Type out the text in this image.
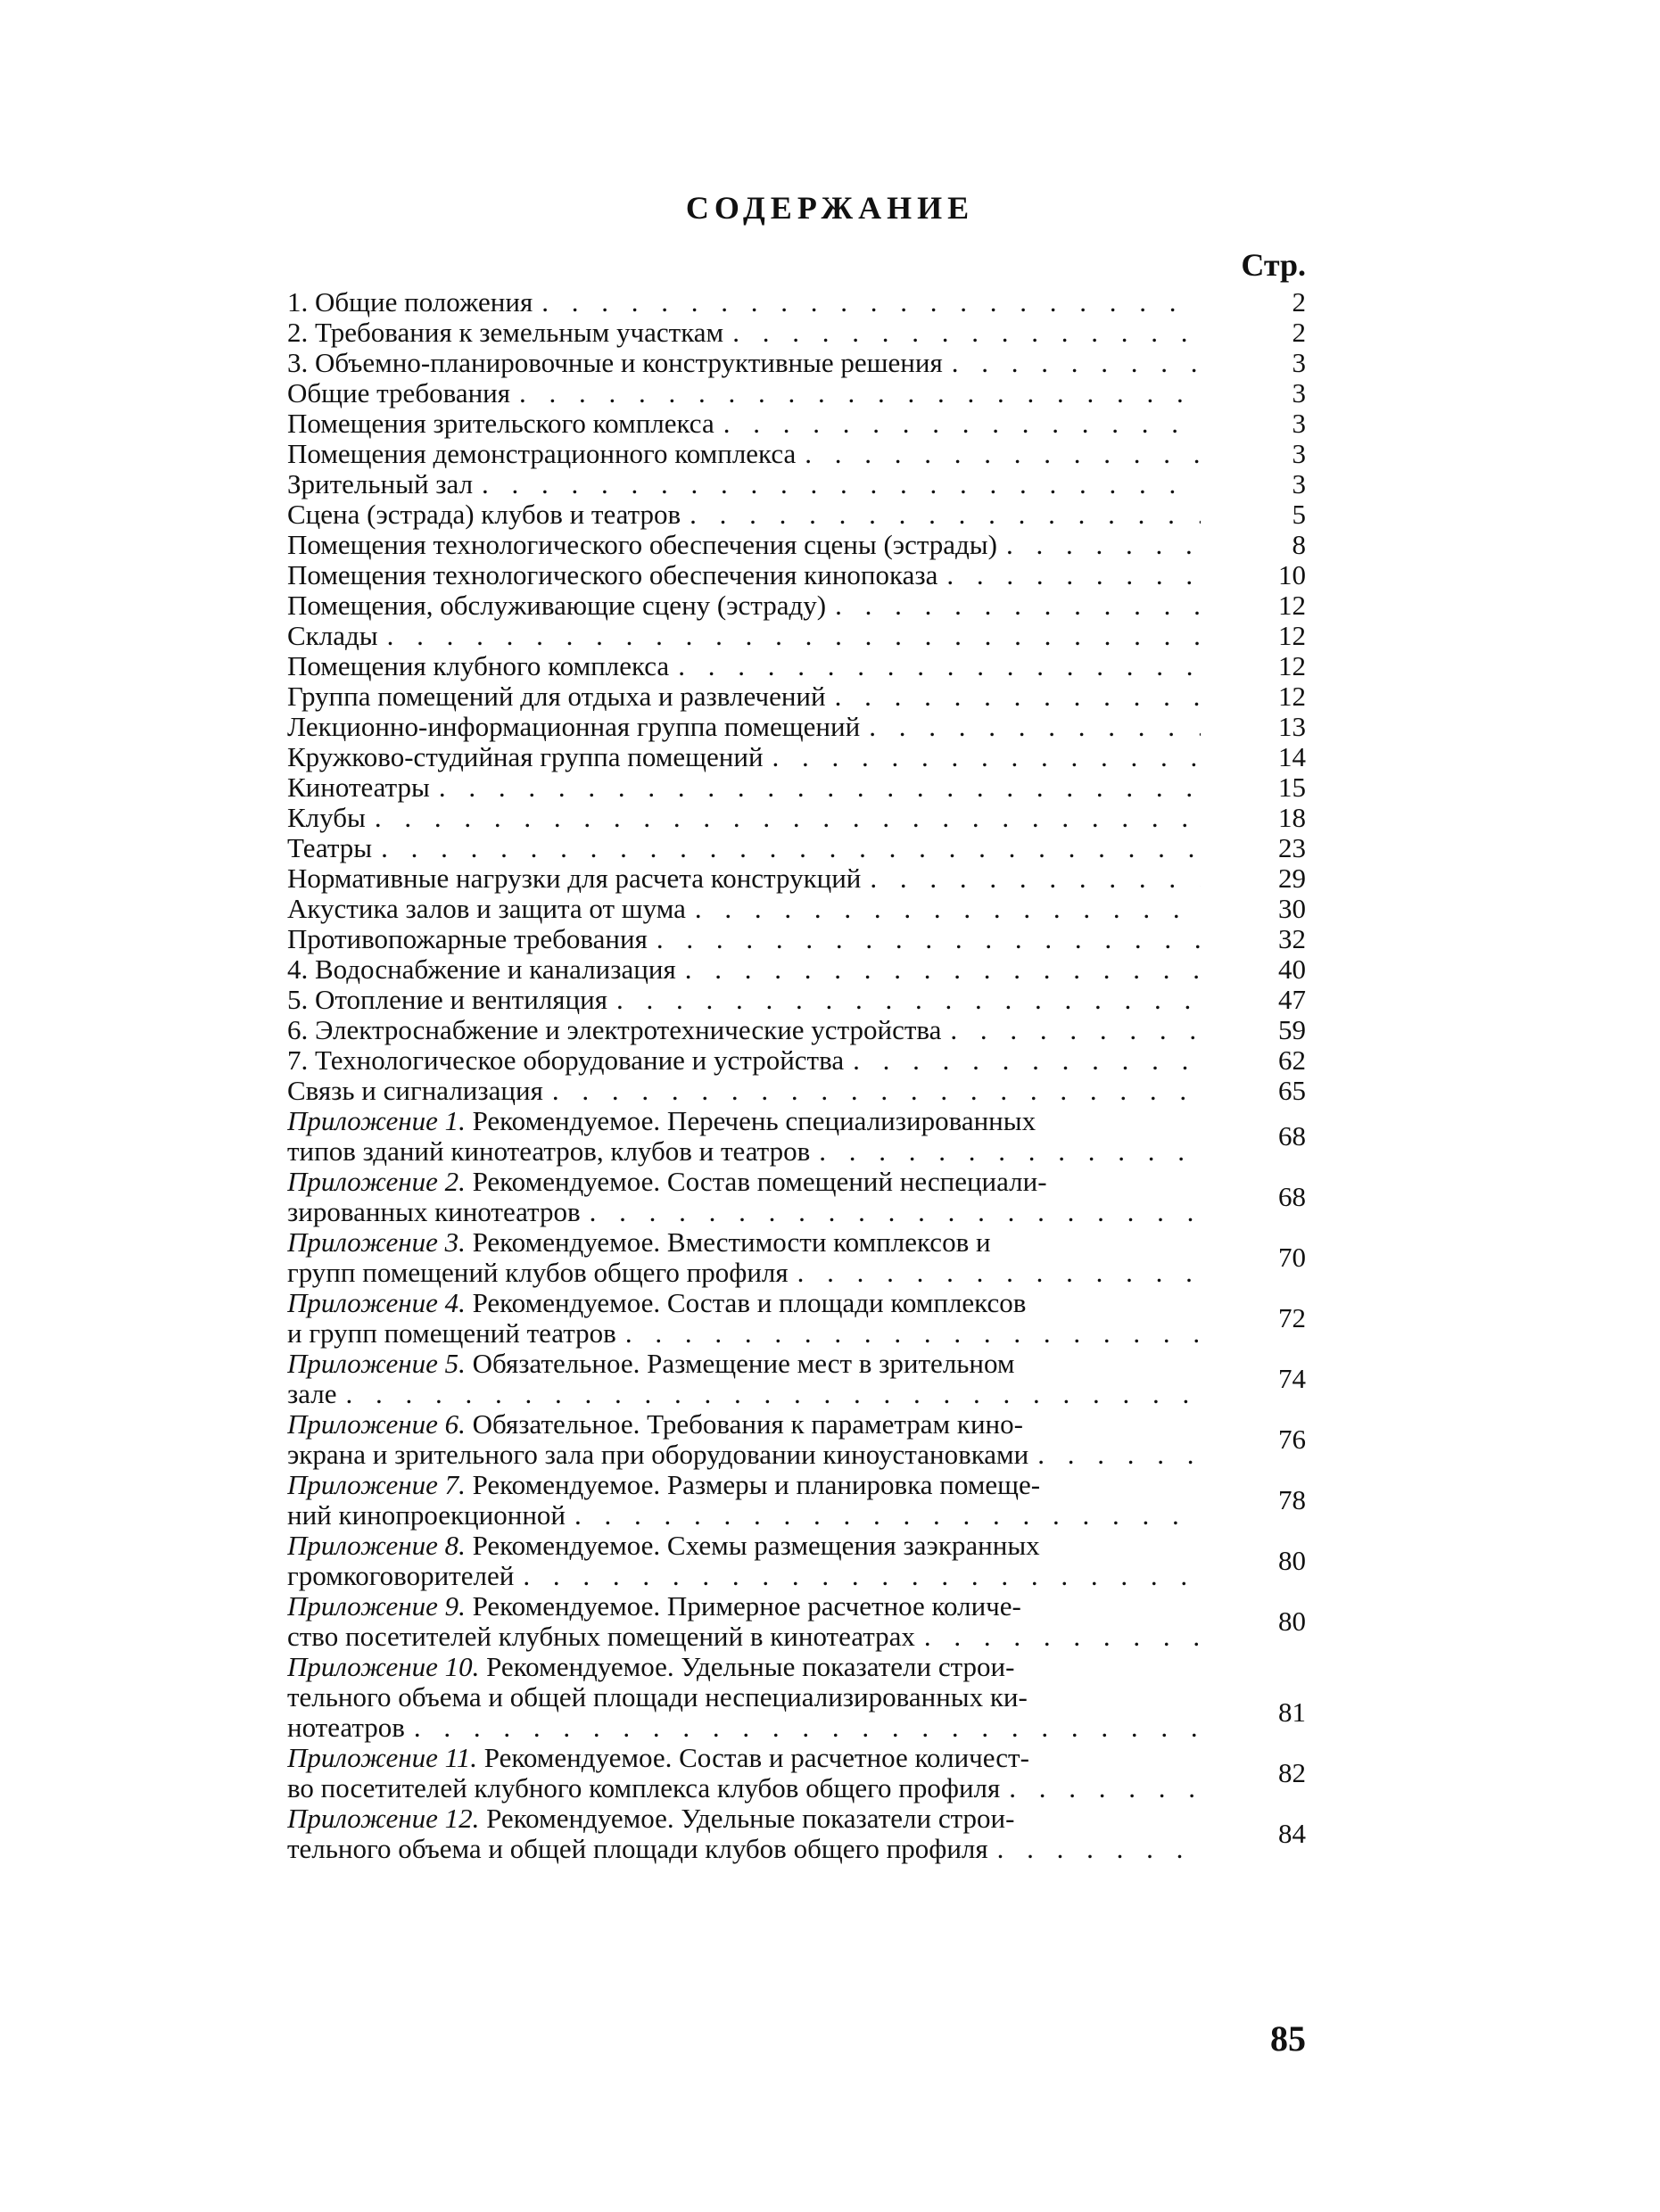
СОДЕРЖАНИЕ
Стр.
1. Общие положения . . .	2
2. Требования к земельным участкам . . .	2
3. Объемно-планировочные и конструктивные решения . . .	3
Общие требования . . .	3
Помещения зрительского комплекса . . .	3
Помещения демонстрационного комплекса . . .	3
Зрительный зал . . .	3
Сцена (эстрада) клубов и театров . . .	5
Помещения технологического обеспечения сцены (эстрады) . . .	8
Помещения технологического обеспечения кинопоказа . . .	10
Помещения, обслуживающие сцену (эстраду) . . .	12
Склады . . .	12
Помещения клубного комплекса . . .	12
Группа помещений для отдыха и развлечений . . .	12
Лекционно-информационная группа помещений . . .	13
Кружково-студийная группа помещений . . .	14
Кинотеатры . . .	15
Клубы . . .	18
Театры . . .	23
Нормативные нагрузки для расчета конструкций . . .	29
Акустика залов и защита от шума . . .	30
Противопожарные требования . . .	32
4. Водоснабжение и канализация . . .	40
5. Отопление и вентиляция . . .	47
6. Электроснабжение и электротехнические устройства . . .	59
7. Технологическое оборудование и устройства . . .	62
Связь и сигнализация . . .	65
Приложение 1. Рекомендуемое. Перечень специализированных
типов зданий кинотеатров, клубов и театров . . .	68
Приложение 2. Рекомендуемое. Состав помещений неспециали-
зированных кинотеатров . . .	68
Приложение 3. Рекомендуемое. Вместимости комплексов и
групп помещений клубов общего профиля . . .	70
Приложение 4. Рекомендуемое. Состав и площади комплексов
и групп помещений театров . . .	72
Приложение 5. Обязательное. Размещение мест в зрительном
зале . . .	74
Приложение 6. Обязательное. Требования к параметрам кино-
экрана и зрительного зала при оборудовании киноустановками . . .	76
Приложение 7. Рекомендуемое. Размеры и планировка помеще-
ний кинопроекционной . . .	78
Приложение 8. Рекомендуемое. Схемы размещения заэкранных
громкоговорителей . . .	80
Приложение 9. Рекомендуемое. Примерное расчетное количе-
ство посетителей клубных помещений в кинотеатрах . . .	80
Приложение 10. Рекомендуемое. Удельные показатели строи-
тельного объема и общей площади неспециализированных ки-
нотеатров . . .	81
Приложение 11. Рекомендуемое. Состав и расчетное количест-
во посетителей клубного комплекса клубов общего профиля . . .	82
Приложение 12. Рекомендуемое. Удельные показатели строи-
тельного объема и общей площади клубов общего профиля . . .	84
85
